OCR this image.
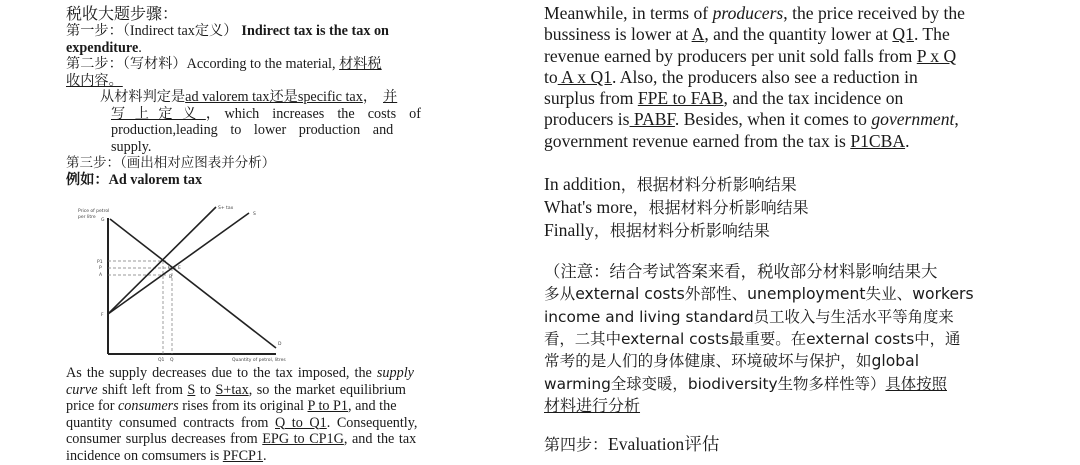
税收大题步骤：
第一步：（Indirect tax定义） Indirect tax is the tax on
expenditure.
第二步：（写材料）According to the material, 材料税
收内容。
从材料判定是ad valorem tax还是specific tax， 并
写上定义，which increases the costs of
production,leading to lower production and
supply.
第三步：（画出相对应图表并分析）
例如：Ad valorem tax
Price of petrol
per litre
S+ tax
S
D
G
P1
P
A
F
C E
B
Q1 Q	Quantity of petrol, litres
As the supply decreases due to the tax imposed, the supply
curve shift left from S to S+tax, so the market equilibrium
price for consumers rises from its original P to P1, and the
quantity consumed contracts from Q to Q1. Consequently,
consumer surplus decreases from EPG to CP1G, and the tax
incidence on comsumers is PFCP1.
Meanwhile, in terms of producers, the price received by the
bussiness is lower at A, and the quantity lower at Q1. The
revenue earned by producers per unit sold falls from P x Q
to A x Q1. Also, the producers also see a reduction in
surplus from FPE to FAB, and the tax incidence on
producers is PABF. Besides, when it comes to government,
government revenue earned from the tax is P1CBA.
In addition，根据材料分析影响结果
What's more，根据材料分析影响结果
Finally，根据材料分析影响结果
（注意：结合考试答案来看，税收部分材料影响结果大
多从external costs外部性、unemployment失业、workers
income and living standard员工收入与生活水平等角度来
看，二其中external costs最重要。在external costs中，通
常考的是人们的身体健康、环境破坏与保护，如global
warming全球变暖，biodiversity生物多样性等）具体按照
材料进行分析
第四步：Evaluation评估
